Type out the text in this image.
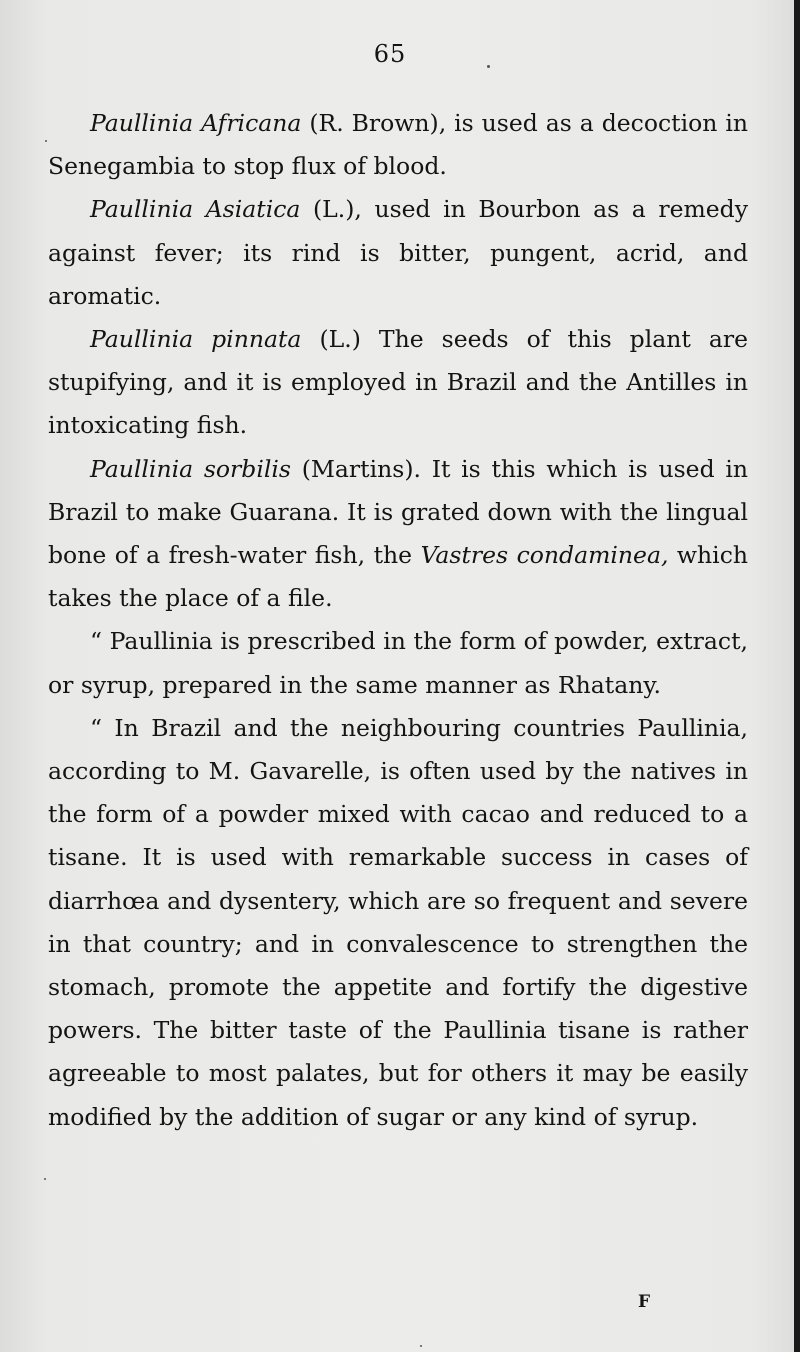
65

Paullinia Africana (R. Brown), is used as a decoction in Senegambia to stop flux of blood.

Paullinia Asiatica (L.), used in Bourbon as a remedy against fever; its rind is bitter, pungent, acrid, and aromatic.

Paullinia pinnata (L.) The seeds of this plant are stupifying, and it is employed in Brazil and the Antilles in intoxicating fish.

Paullinia sorbilis (Martins). It is this which is used in Brazil to make Guarana. It is grated down with the lingual bone of a fresh-water fish, the Vastres condaminea, which takes the place of a file.

“ Paullinia is prescribed in the form of powder, extract, or syrup, prepared in the same manner as Rhatany.

“ In Brazil and the neighbouring countries Paullinia, according to M. Gavarelle, is often used by the natives in the form of a powder mixed with cacao and reduced to a tisane. It is used with remarkable success in cases of diarrhœa and dysentery, which are so frequent and severe in that country; and in convalescence to strengthen the stomach, promote the appetite and fortify the digestive powers. The bitter taste of the Paullinia tisane is rather agreeable to most palates, but for others it may be easily modified by the addition of sugar or any kind of syrup.

F
